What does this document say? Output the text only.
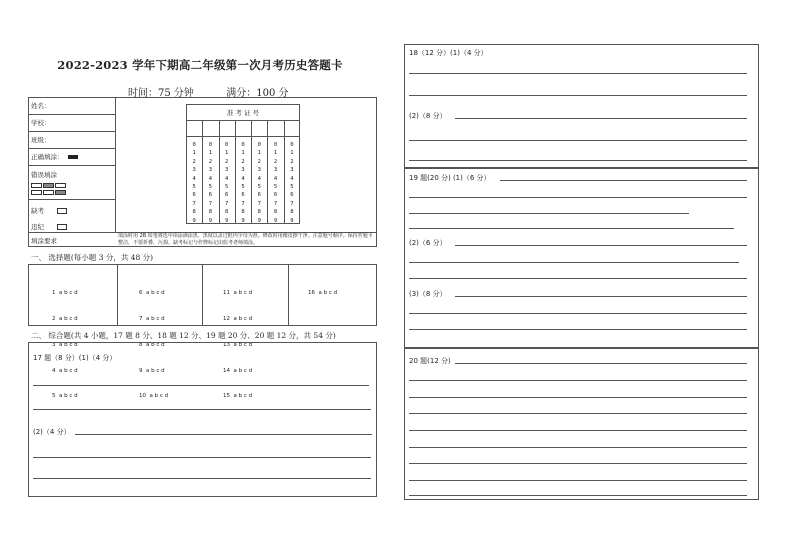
2022-2023 学年下期高二年级第一次月考历史答题卡
时间：75 分钟	满分：100 分
姓名：
学校：
班级：
正确填涂：
错误填涂
缺考
违纪
填涂要求
填涂时用 2B 铅笔将选中项涂满涂黑，黑度以盖过框内字母为准。修改时用橡皮擦干净。注意题号顺序。保持答题卡整洁，不要折叠、污损。缺考标记与作弊标记由监考老师填涂。
准 考 证 号
0
1
2
3
4
5
6
7
8
9
0
1
2
3
4
5
6
7
8
9
0
1
2
3
4
5
6
7
8
9
0
1
2
3
4
5
6
7
8
9
0
1
2
3
4
5
6
7
8
9
0
1
2
3
4
5
6
7
8
9
0
1
2
3
4
5
6
7
8
9
一、 选择题(每小题 3 分，共 48 分)

1  a b c d

2  a b c d

3  a b c d

4  a b c d

5  a b c d

6  a b c d

7  a b c d

8  a b c d

9  a b c d

10  a b c d

11  a b c d

12  a b c d

13  a b c d

14  a b c d

15  a b c d

16  a b c d

二、 综合题(共 4 小题，17 题 8 分、18 题 12 分、19 题 20 分、20 题 12 分，共 54 分)
17 题（8 分）(1)（4 分）
(2)（4 分）
18（12 分）(1)（4 分）
(2)（8 分）
19 题(20 分) (1)（6 分）
(2)（6 分）
(3)（8 分）
20 题(12 分)
